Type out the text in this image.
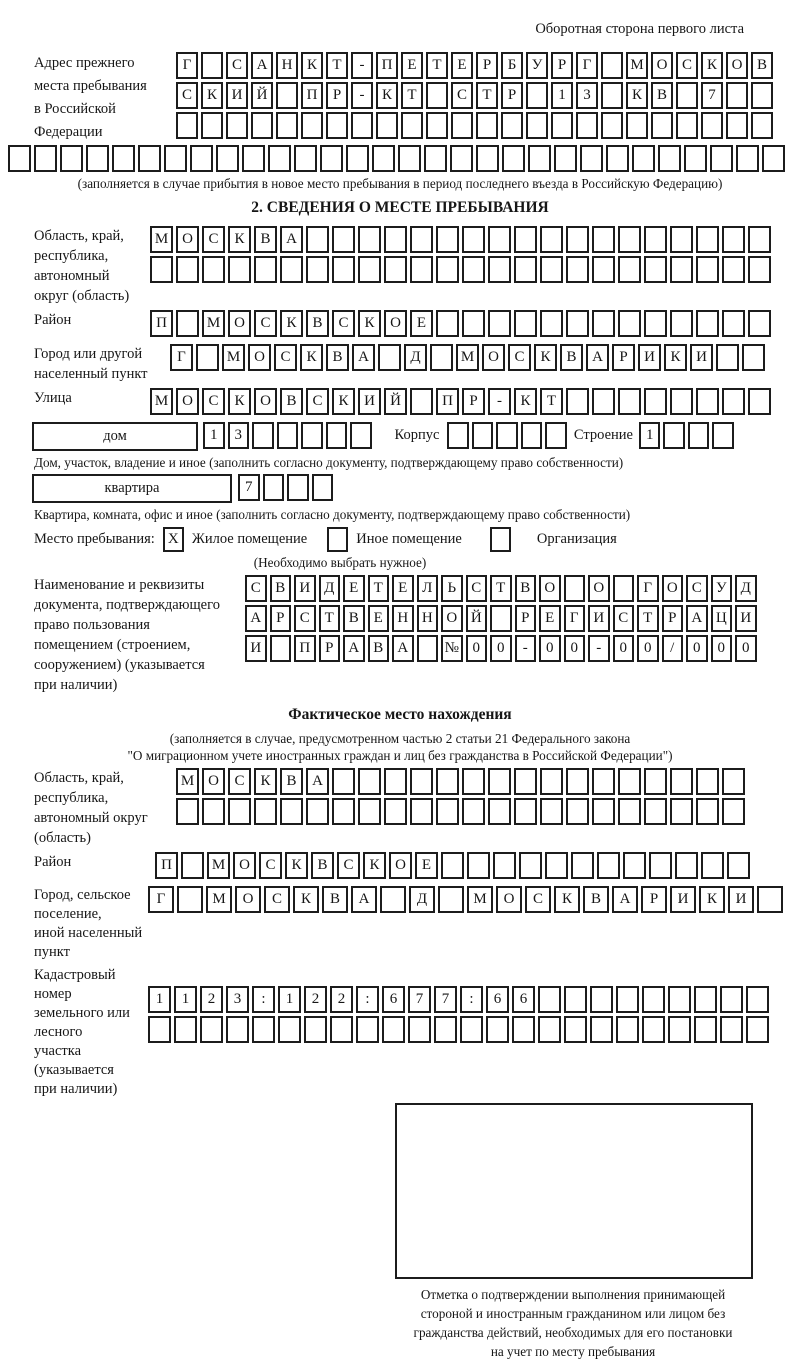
Оборотная сторона первого листа
Адрес прежнего
места пребывания
в Российской
Федерации
Г	С А Н К	Т	-	П Е	Т	Е	Р	Б	У	Р	Г	М О С К О В
С К И Й	П	Р	-	К	Т	С	Т	Р	1	3	К В	7
(заполняется в случае прибытия в новое место пребывания в период последнего въезда в Российскую Федерацию)
2. СВЕДЕНИЯ О МЕСТЕ ПРЕБЫВАНИЯ
Область, край,
республика,
автономный
округ (область)
М О	С	К	В	А
Район	П	М О	С	К	В	С	К	О	Е
Город или другой
населенный пункт
Г	М О	С	К	В	А	Д	М О	С	К	В	А	Р	И	К	И
Улица	М О	С	К	О	В	С	К	И	Й	П	Р	-	К	Т
дом	1	3	Корпус	Строение 1
Дом, участок, владение и иное (заполнить согласно документу, подтверждающему право собственности)
квартира	7
Квартира, комната, офис и иное (заполнить согласно документу, подтверждающему право собственности)
Место пребывания: X Жилое помещение	Иное помещение	Организация
(Необходимо выбрать нужное)
Наименование и реквизиты
документа, подтверждающего
право пользования
помещением (строением,
сооружением) (указывается
при наличии)
С В И Д Е	Т	Е Л	Ь	С Т В О	О	Г О С У Д
А Р	С Т В Е Н Н О Й	Р	Е	Г И С Т	Р А Ц И
И	П Р А В А	№ 0	0	-	0	0	-	0	0	/	0	0	0
Фактическое место нахождения
(заполняется в случае, предусмотренном частью 2 статьи 21 Федерального закона
"О миграционном учете иностранных граждан и лиц без гражданства в Российской Федерации")
Область, край,
республика,
автономный округ
(область)
М О	С	К	В	А
Район	П	М О	С	К	В	С	К	О	Е
Город, сельское поселение,
иной населенный пункт
Г	М	О	С	К	В	А	Д	М	О	С	К	В	А	Р	И	К	И
Кадастровый номер
земельного или лесного
участка (указывается
при наличии)
1	1	2	3	:	1	2	2	:	6	7	7	:	6	6
Отметка о подтверждении выполнения принимающей
стороной и иностранным гражданином или лицом без
гражданства действий, необходимых для его постановки
на учет по месту пребывания
